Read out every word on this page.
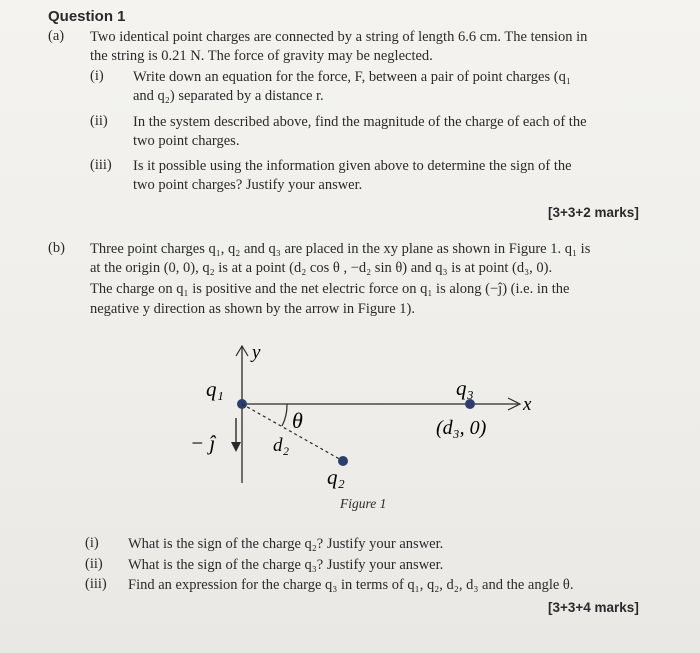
Question 1
(a) Two identical point charges are connected by a string of length 6.6 cm. The tension in
the string is 0.21 N. The force of gravity may be neglected.
(i) Write down an equation for the force, F, between a pair of point charges (q₁
and q₂) separated by a distance r.
(ii) In the system described above, find the magnitude of the charge of each of the
two point charges.
(iii) Is it possible using the information given above to determine the sign of the
two point charges? Justify your answer.
[3+3+2 marks]
(b) Three point charges q₁, q₂ and q₃ are placed in the xy plane as shown in Figure 1. q₁ is
at the origin (0, 0), q₂ is at a point (d₂ cos θ , −d₂ sin θ) and q₃ is at point (d₃, 0).
The charge on q₁ is positive and the net electric force on q₁ is along (−ĵ) (i.e. in the
negative y direction as shown by the arrow in Figure 1).
y
x
q₁
q₂
θ
d₂
− ĵ
q₃
(d₃, 0)
Figure 1
(i) What is the sign of the charge q₂? Justify your answer.
(ii) What is the sign of the charge q₃? Justify your answer.
(iii) Find an expression for the charge q₃ in terms of q₁, q₂, d₂, d₃ and the angle θ.
[3+3+4 marks]
